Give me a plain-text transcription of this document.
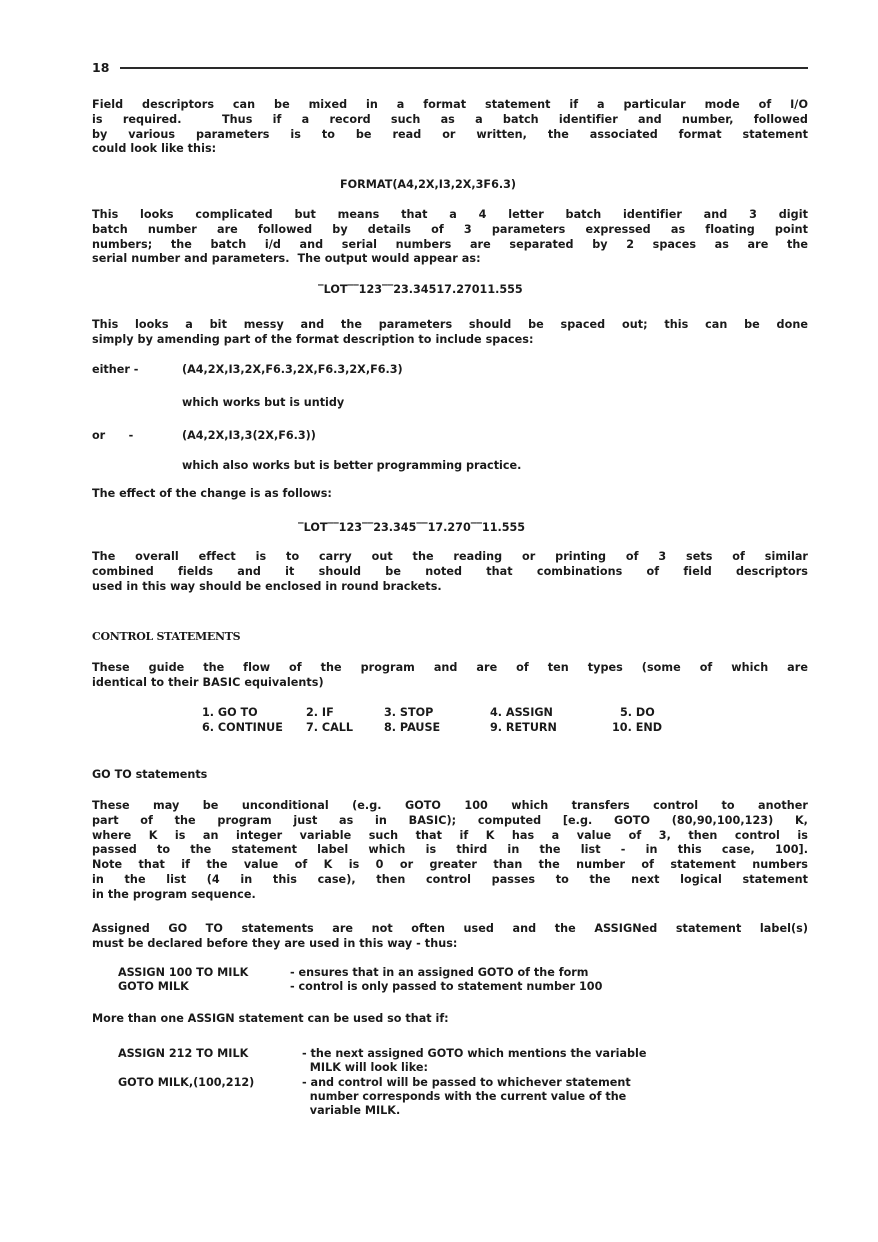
18
Field descriptors can be mixed in a format statement if a particular mode of I/O
is required.  Thus if a record such as a batch identifier and number, followed
by various parameters is to be read or written, the associated format statement
could look like this:
FORMAT(A4,2X,I3,2X,3F6.3)
This looks complicated but means that a 4 letter batch identifier and 3 digit
batch number are followed by details of 3 parameters expressed as floating point
numbers; the batch i/d and serial numbers are separated by 2 spaces as are the
serial number and parameters.  The output would appear as:
‾LOT‾‾123‾‾23.34517.27011.555
This looks a bit messy and the parameters should be spaced out; this can be done
simply by amending part of the format description to include spaces:
either -	(A4,2X,I3,2X,F6.3,2X,F6.3,2X,F6.3)
which works but is untidy
or      -	(A4,2X,I3,3(2X,F6.3))
which also works but is better programming practice.
The effect of the change is as follows:
‾LOT‾‾123‾‾23.345‾‾17.270‾‾11.555
The overall effect is to carry out the reading or printing of 3 sets of similar
combined fields and it should be noted that combinations of field descriptors
used in this way should be enclosed in round brackets.
CONTROL STATEMENTS
These guide the flow of the program and are of ten types (some of which are
identical to their BASIC equivalents)
1. GO TO	2. IF	3. STOP	4. ASSIGN	5. DO
6. CONTINUE 7. CALL	8. PAUSE	9. RETURN	10. END
GO TO statements
These may be unconditional (e.g. GOTO 100 which transfers control to another
part of the program just as in BASIC); computed [e.g. GOTO (80,90,100,123) K,
where K is an integer variable such that if K has a value of 3, then control is
passed to the statement label which is third in the list - in this case, 100].
Note that if the value of K is 0 or greater than the number of statement numbers
in the list (4 in this case), then control passes to the next logical statement
in the program sequence.
Assigned GO TO statements are not often used and the ASSIGNed statement label(s)
must be declared before they are used in this way - thus:
ASSIGN 100 TO MILK	- ensures that in an assigned GOTO of the form
GOTO MILK	- control is only passed to statement number 100
More than one ASSIGN statement can be used so that if:
ASSIGN 212 TO MILK	- the next assigned GOTO which mentions the variable
MILK will look like:
GOTO MILK,(100,212)	- and control will be passed to whichever statement
number corresponds with the current value of the
variable MILK.
